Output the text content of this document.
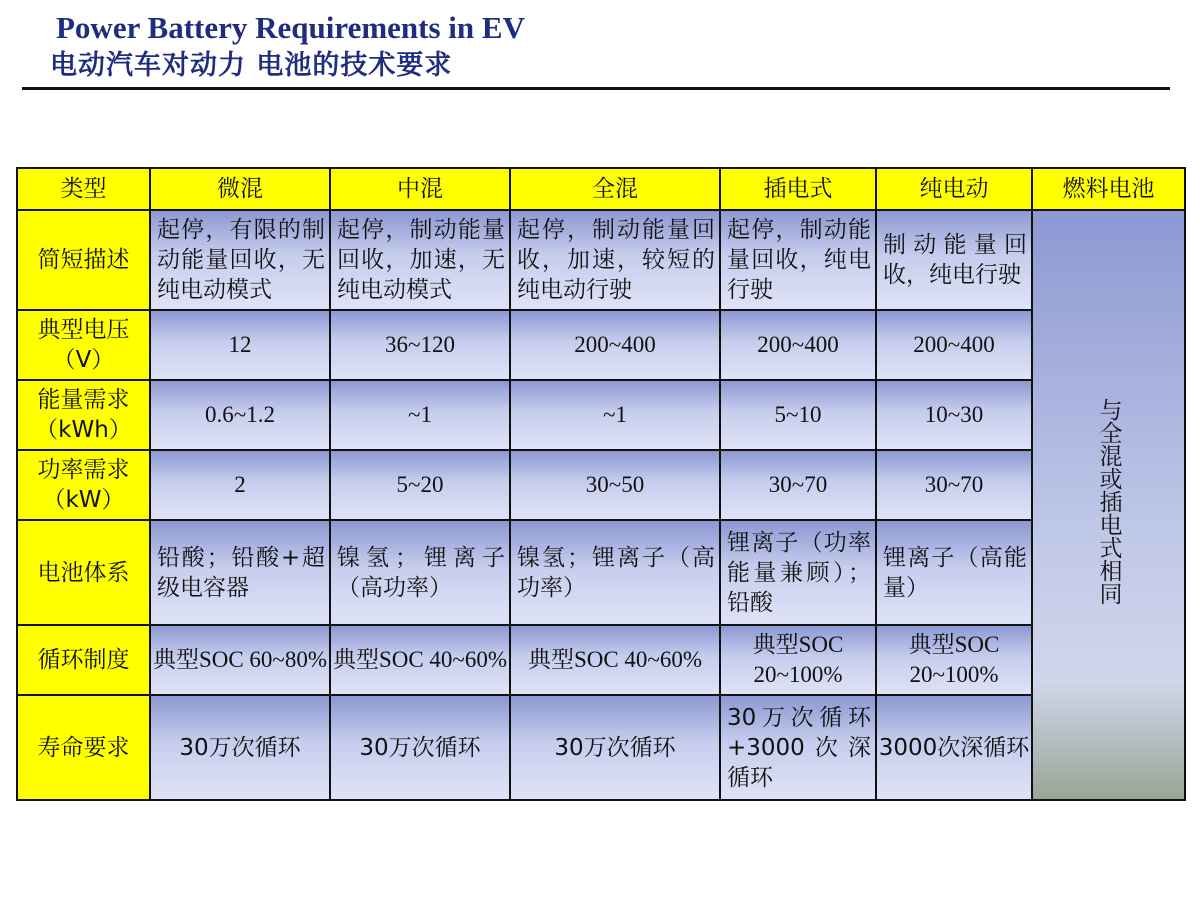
Power Battery Requirements in EV
电动汽车对动力 电池的技术要求
类型	微混	中混	全混	插电式	纯电动	燃料电池
简短描述	起停，有限的制动能量回收，无纯电动模式	起停，制动能量回收，加速，无纯电动模式	起停，制动能量回收，加速，较短的纯电动行驶	起停，制动能量回收，纯电行驶	制动能量回收，纯电行驶	与全混或插电式相同
典型电压（V）	12	36~120	200~400	200~400	200~400	
能量需求（kWh）	0.6~1.2	~1	~1	5~10	10~30	
功率需求（kW）	2	5~20	30~50	30~70	30~70	
电池体系	铅酸；铅酸+超级电容器	镍氢；锂离子（高功率）	镍氢；锂离子（高功率）	锂离子（功率能量兼顾）；铅酸	锂离子（高能量）	
循环制度	典型SOC 60~80%	典型SOC 40~60%	典型SOC 40~60%	典型SOC 20~100%	典型SOC 20~100%	
寿命要求	30万次循环	30万次循环	30万次循环	30万次循环+3000次深循环	3000次深循环	
